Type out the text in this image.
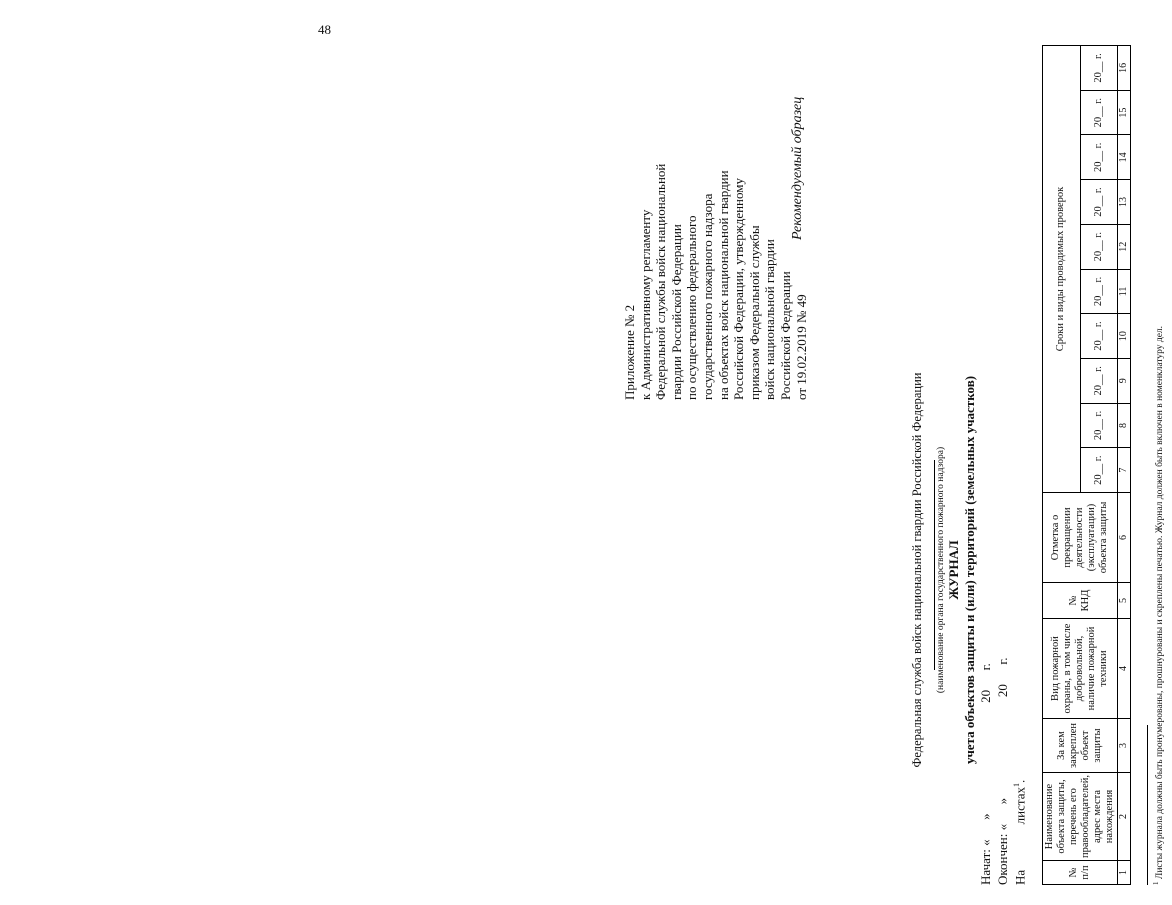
48
Приложение № 2 к Административному регламенту Федеральной службы войск национальной гвардии Российской Федерации по осуществлению федерального государственного пожарного надзора на объектах войск национальной гвардии Российской Федерации, утвержденному приказом Федеральной службы войск национальной гвардии Российской Федерации от 19.02.2019 № 49
Рекомендуемый образец
Федеральная служба войск национальной гвардии Российской Федерации (наименование органа государственного пожарного надзора) ЖУРНАЛ учета объектов защиты и (или) территорий (земельных участков)
Начат: «      »                                  20      г. Окончен: «      »                               20      г. На              листах$^1$.
№ п/п	Наименование объекта защиты, перечень его правообладателей, адрес места нахождения	За кем закреплен объект защиты	Вид пожарной охраны, в том числе добровольной, наличие пожарной техники	№ КНД	Отметка о прекращении деятельности (эксплуатации) объекта защиты	Сроки и виды проводимых проверок									
						20__ г.	20__ г.	20__ г.	20__ г.	20__ г.	20__ г.	20__ г.	20__ г.	20__ г.	20__ г.
1	2	3	4	5	6	7	8	9	10	11	12	13	14	15	16
$^1$ Листы журнала должны быть пронумерованы, прошнурованы и скреплены печатью. Журнал должен быть включен в номенклатуру дел.
